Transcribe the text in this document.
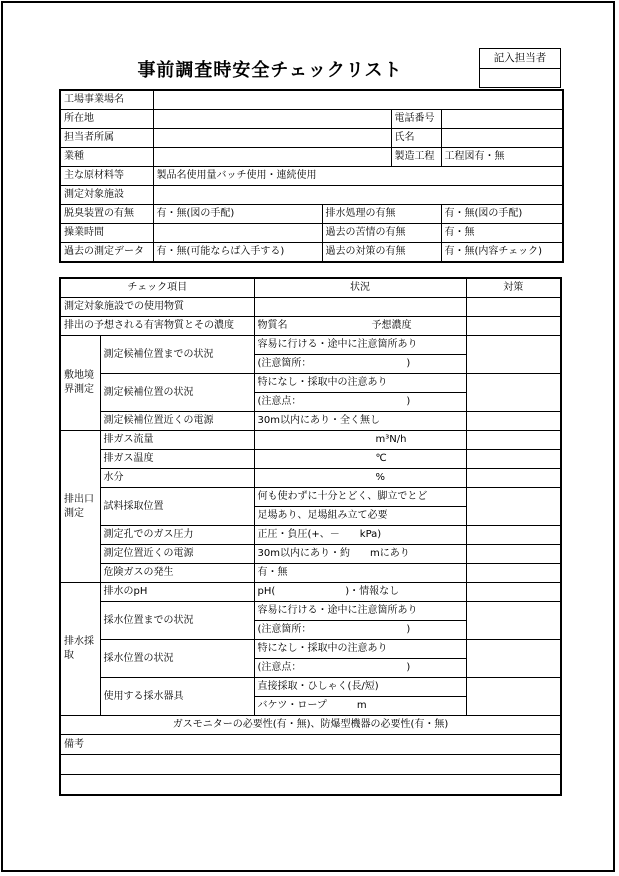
事前調査時安全チェックリスト
記入担当者
工場事業場名				
所在地			電話番号	
担当者所属			氏名	
業種			製造工程	工程図有・無
主な原材料等	製品名使用量バッチ使用・連続使用			
測定対象施設				
脱臭装置の有無	有・無(図の手配)	排水処理の有無		有・無(図の手配)
操業時間		過去の苦情の有無		有・無
過去の測定データ	有・無(可能ならば入手する)	過去の対策の有無		有・無(内容チェック)
チェック項目		状況	対策
測定対象施設での使用物質			
排出の予想される有害物質とその濃度		物質名 予想濃度	
敷地境界測定	測定候補位置までの状況	容易に行ける・途中に注意箇所あり	
		(注意箇所：　　　　　　　　　　)	
	測定候補位置の状況	特になし・採取中の注意あり	
		(注意点：　　　　　　　　　　　)	
	測定候補位置近くの電源	30m以内にあり・全く無し	
排出口測定	排ガス流量	m³N/h	
	排ガス温度	℃	
	水分	%	
	試料採取位置	何も使わずに十分とどく、脚立でとど	
		足場あり、足場組み立て必要	
	測定孔でのガス圧力	正圧・負圧(+、－　　kPa)	
	測定位置近くの電源	30m以内にあり・約　　mにあり	
	危険ガスの発生	有・無	
排水採取	排水のpH	pH(　　　　　　　)・情報なし	
	採水位置までの状況	容易に行ける・途中に注意箇所あり	
		(注意箇所：　　　　　　　　　　)	
	採水位置の状況	特になし・採取中の注意あり	
		(注意点：　　　　　　　　　　　)	
	使用する採水器具	直接採取・ひしゃく(長/短)	
		バケツ・ロープ　　　m	
ガスモニターの必要性(有・無)、防爆型機器の必要性(有・無)			
備考			
